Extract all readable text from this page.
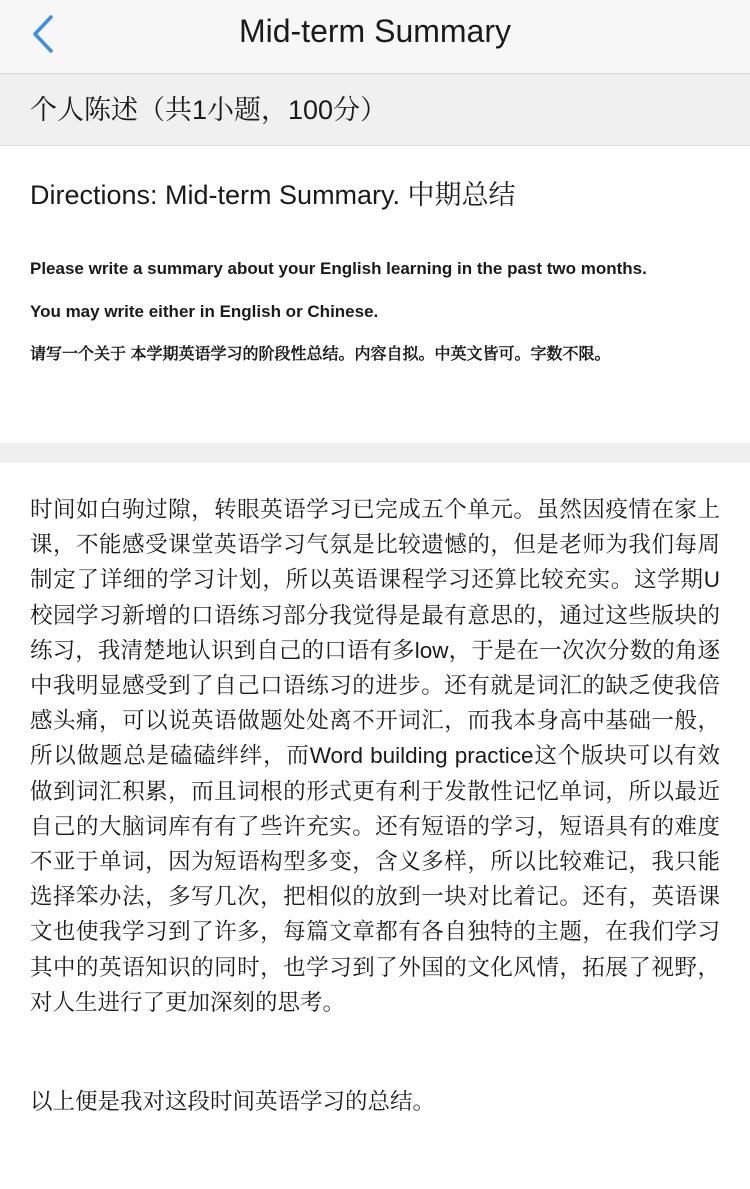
Mid-term Summary
个人陈述（共1小题，100分）
Directions: Mid-term Summary. 中期总结
Please write a summary about your English learning in the past two months.
You may write either in English or Chinese.
请写一个关于 本学期英语学习的阶段性总结。内容自拟。中英文皆可。字数不限。
时间如白驹过隙，转眼英语学习已完成五个单元。虽然因疫情在家上课，不能感受课堂英语学习气氛是比较遗憾的，但是老师为我们每周制定了详细的学习计划，所以英语课程学习还算比较充实。这学期U校园学习新增的口语练习部分我觉得是最有意思的，通过这些版块的练习，我清楚地认识到自己的口语有多low，于是在一次次分数的角逐中我明显感受到了自己口语练习的进步。还有就是词汇的缺乏使我倍感头痛，可以说英语做题处处离不开词汇，而我本身高中基础一般，所以做题总是磕磕绊绊，而Word building practice这个版块可以有效做到词汇积累，而且词根的形式更有利于发散性记忆单词，所以最近自己的大脑词库有有了些许充实。还有短语的学习，短语具有的难度不亚于单词，因为短语构型多变，含义多样，所以比较难记，我只能选择笨办法，多写几次，把相似的放到一块对比着记。还有，英语课文也使我学习到了许多，每篇文章都有各自独特的主题，在我们学习其中的英语知识的同时，也学习到了外国的文化风情，拓展了视野，对人生进行了更加深刻的思考。
以上便是我对这段时间英语学习的总结。
